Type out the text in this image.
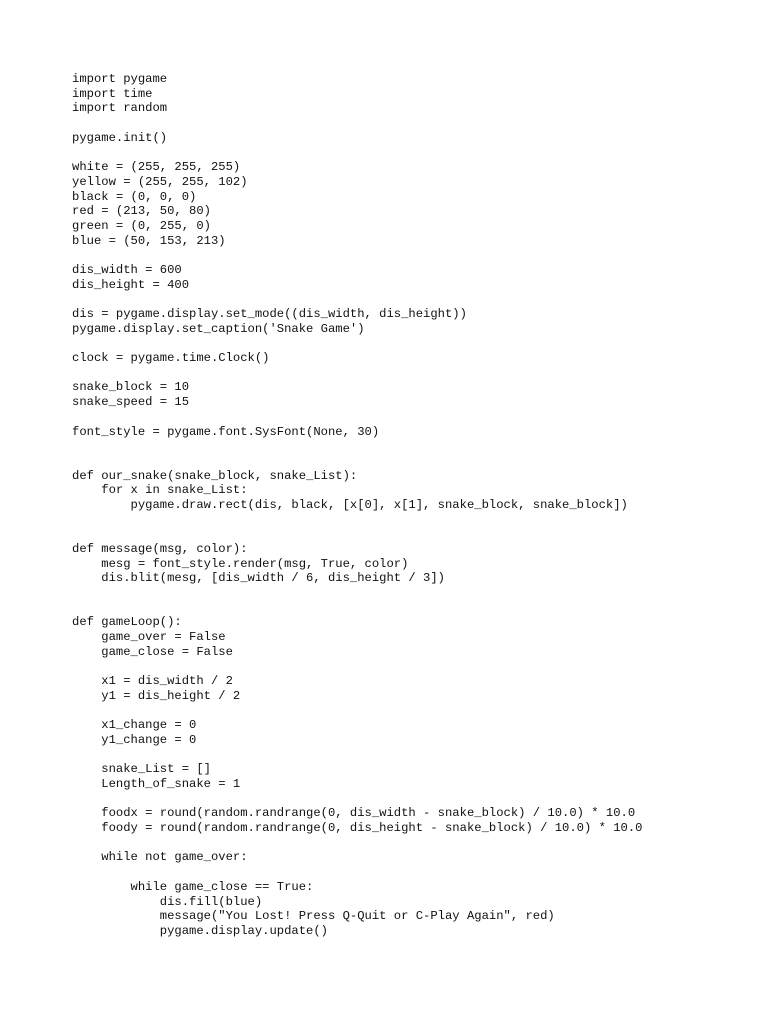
import pygame
import time
import random
pygame.init()
white = (255, 255, 255)
yellow = (255, 255, 102)
black = (0, 0, 0)
red = (213, 50, 80)
green = (0, 255, 0)
blue = (50, 153, 213)
dis_width = 600
dis_height = 400
dis = pygame.display.set_mode((dis_width, dis_height))
pygame.display.set_caption('Snake Game')
clock = pygame.time.Clock()
snake_block = 10
snake_speed = 15
font_style = pygame.font.SysFont(None, 30)
def our_snake(snake_block, snake_List):
for x in snake_List:
pygame.draw.rect(dis, black, [x[0], x[1], snake_block, snake_block])
def message(msg, color):
mesg = font_style.render(msg, True, color)
dis.blit(mesg, [dis_width / 6, dis_height / 3])
def gameLoop():
game_over = False
game_close = False
x1 = dis_width / 2
y1 = dis_height / 2
x1_change = 0
y1_change = 0
snake_List = []
Length_of_snake = 1
foodx = round(random.randrange(0, dis_width - snake_block) / 10.0) * 10.0
foody = round(random.randrange(0, dis_height - snake_block) / 10.0) * 10.0
while not game_over:
while game_close == True:
dis.fill(blue)
message("You Lost! Press Q-Quit or C-Play Again", red)
pygame.display.update()
